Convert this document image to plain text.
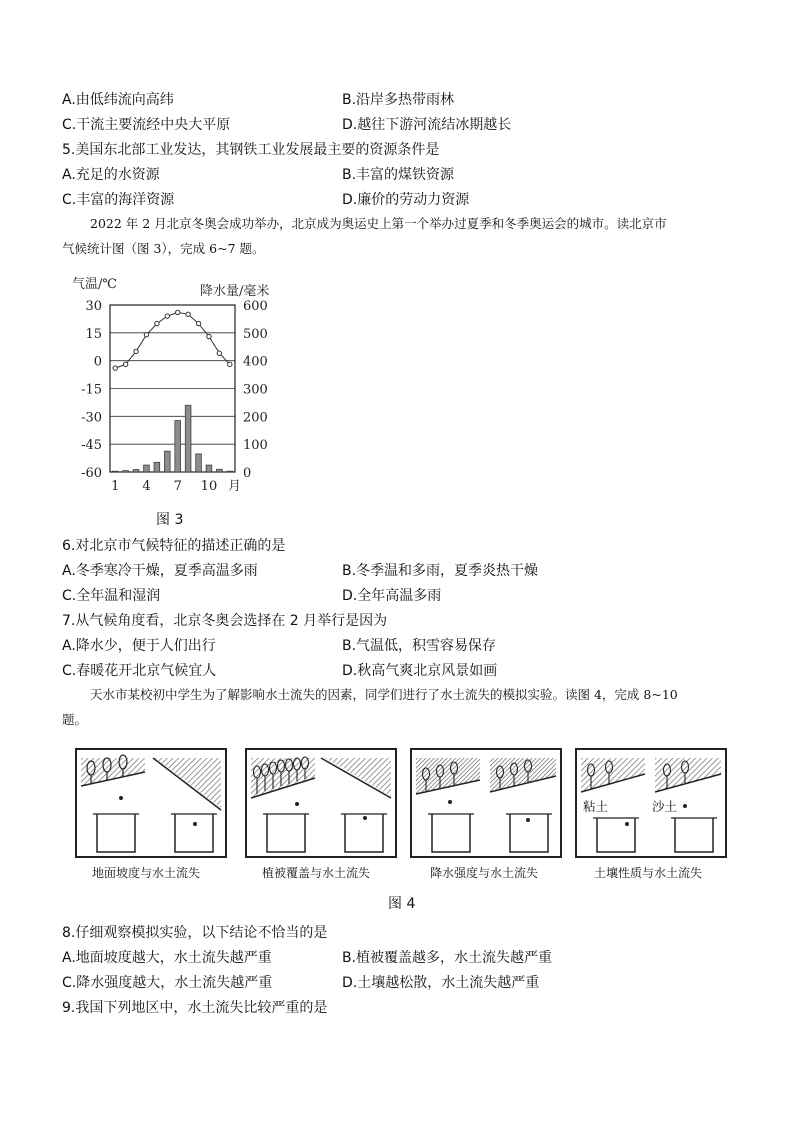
A.由低纬流向高纬	B.沿岸多热带雨林
C.干流主要流经中央大平原	D.越往下游河流结冰期越长
5.美国东北部工业发达，其钢铁工业发展最主要的资源条件是
A.充足的水资源	B.丰富的煤铁资源
C.丰富的海洋资源	D.廉价的劳动力资源
2022 年 2 月北京冬奥会成功举办，北京成为奥运史上第一个举办过夏季和冬季奥运会的城市。读北京市
气候统计图（图 3），完成 6~7 题。
气温/℃	降水量/毫米
30
15
0
-15
-30
-45
-60
600
500
400
300
200
100
0
1 4 7 10 月
图 3
6.对北京市气候特征的描述正确的是
A.冬季寒冷干燥，夏季高温多雨	B.冬季温和多雨，夏季炎热干燥
C.全年温和湿润	D.全年高温多雨
7.从气候角度看，北京冬奥会选择在 2 月举行是因为
A.降水少，便于人们出行	B.气温低，积雪容易保存
C.春暖花开北京气候宜人	D.秋高气爽北京风景如画
天水市某校初中学生为了解影响水土流失的因素，同学们进行了水土流失的模拟实验。读图 4，完成 8~10
题。
粘土	沙土
地面坡度与水土流失	植被覆盖与水土流失	降水强度与水土流失	土壤性质与水土流失
图 4
8.仔细观察模拟实验，以下结论不恰当的是
A.地面坡度越大，水土流失越严重	B.植被覆盖越多，水土流失越严重
C.降水强度越大，水土流失越严重	D.土壤越松散，水土流失越严重
9.我国下列地区中，水土流失比较严重的是
